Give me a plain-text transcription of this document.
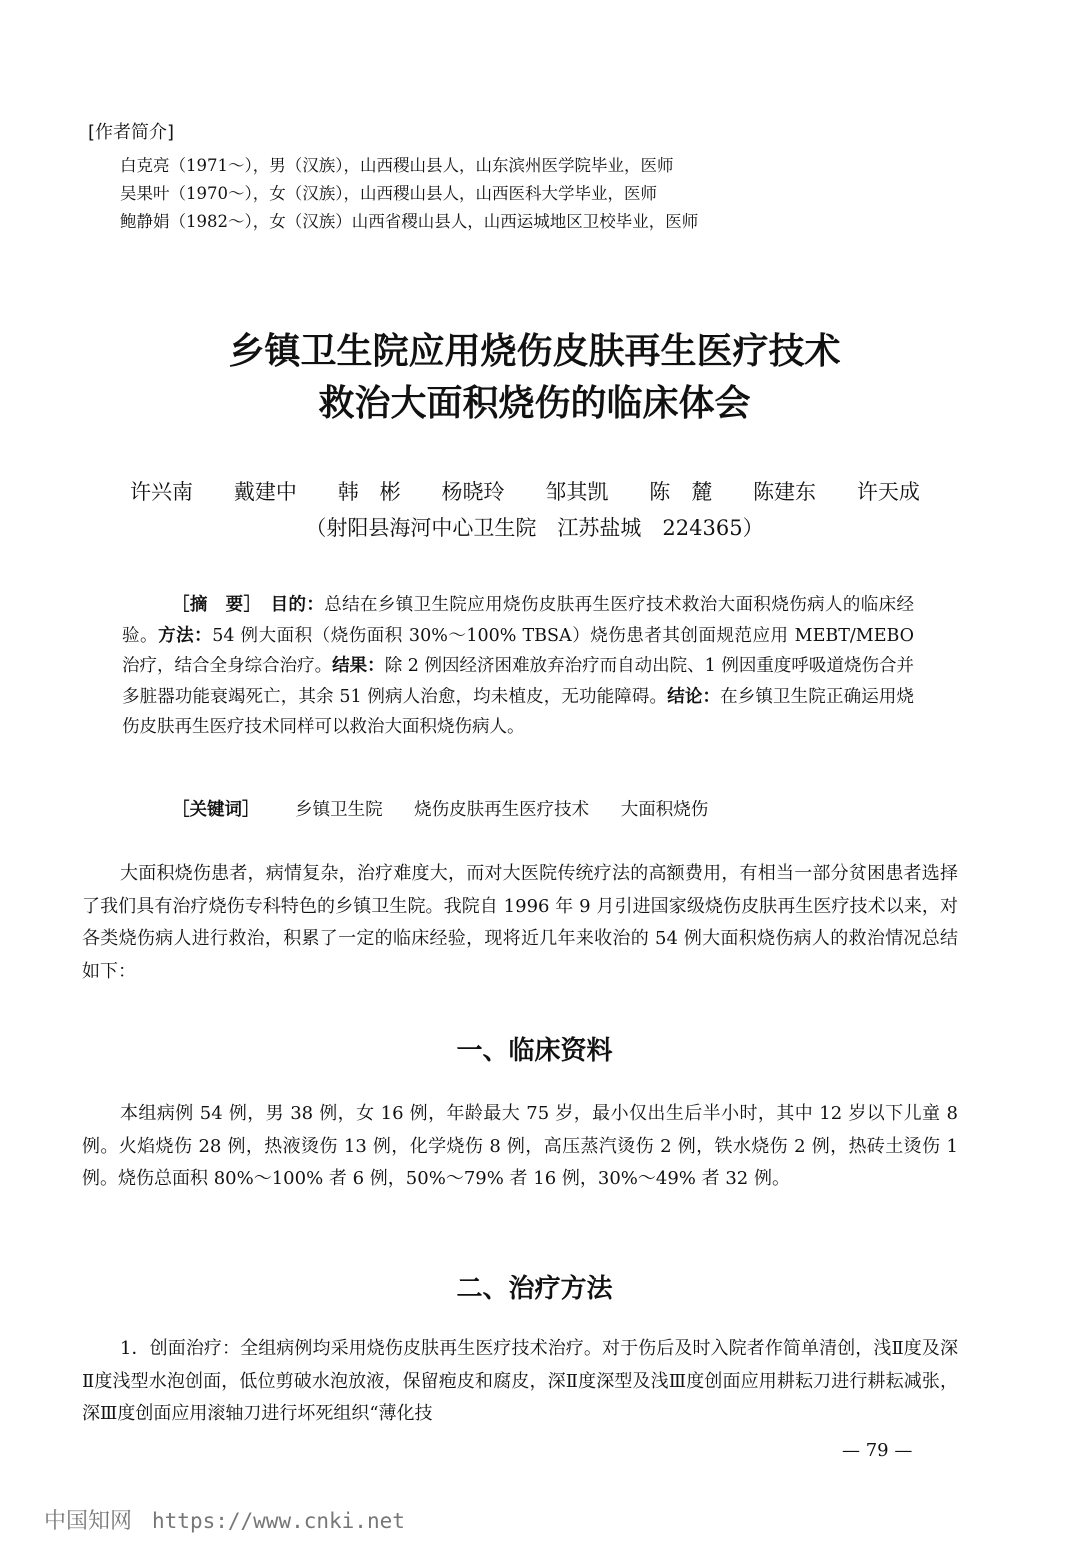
[作者简介]
白克亮（1971～），男（汉族），山西稷山县人，山东滨州医学院毕业，医师
吴果叶（1970～），女（汉族），山西稷山县人，山西医科大学毕业，医师
鲍静娟（1982～），女（汉族）山西省稷山县人，山西运城地区卫校毕业，医师
乡镇卫生院应用烧伤皮肤再生医疗技术
救治大面积烧伤的临床体会
许兴南 戴建中 韩　彬 杨晓玲 邹其凯 陈　麓 陈建东 许天成
（射阳县海河中心卫生院　江苏盐城　224365）

［摘　要］　 目的：总结在乡镇卫生院应用烧伤皮肤再生医疗技术救治大面积烧伤病人的临床经验。方法：54 例大面积（烧伤面积 30%～100% TBSA）烧伤患者其创面规范应用 MEBT/MEBO 治疗，结合全身综合治疗。结果：除 2 例因经济困难放弃治疗而自动出院、1 例因重度呼吸道烧伤合并多脏器功能衰竭死亡，其余 51 例病人治愈，均未植皮，无功能障碍。结论：在乡镇卫生院正确运用烧伤皮肤再生医疗技术同样可以救治大面积烧伤病人。

［关键词］ 乡镇卫生院 烧伤皮肤再生医疗技术 大面积烧伤

大面积烧伤患者，病情复杂，治疗难度大，而对大医院传统疗法的高额费用，有相当一部分贫困患者选择了我们具有治疗烧伤专科特色的乡镇卫生院。我院自 1996 年 9 月引进国家级烧伤皮肤再生医疗技术以来，对各类烧伤病人进行救治，积累了一定的临床经验，现将近几年来收治的 54 例大面积烧伤病人的救治情况总结如下：

一、临床资料

本组病例 54 例，男 38 例，女 16 例，年龄最大 75 岁，最小仅出生后半小时，其中 12 岁以下儿童 8 例。火焰烧伤 28 例，热液烫伤 13 例，化学烧伤 8 例，高压蒸汽烫伤 2 例，铁水烧伤 2 例，热砖土烫伤 1 例。烧伤总面积 80%～100% 者 6 例，50%～79% 者 16 例，30%～49% 者 32 例。

二、治疗方法

1．创面治疗：全组病例均采用烧伤皮肤再生医疗技术治疗。对于伤后及时入院者作简单清创，浅Ⅱ度及深Ⅱ度浅型水泡创面，低位剪破水泡放液，保留疱皮和腐皮，深Ⅱ度深型及浅Ⅲ度创面应用耕耘刀进行耕耘减张，深Ⅲ度创面应用滚轴刀进行坏死组织“薄化技

— 79 —
中国知网 https://www.cnki.net
